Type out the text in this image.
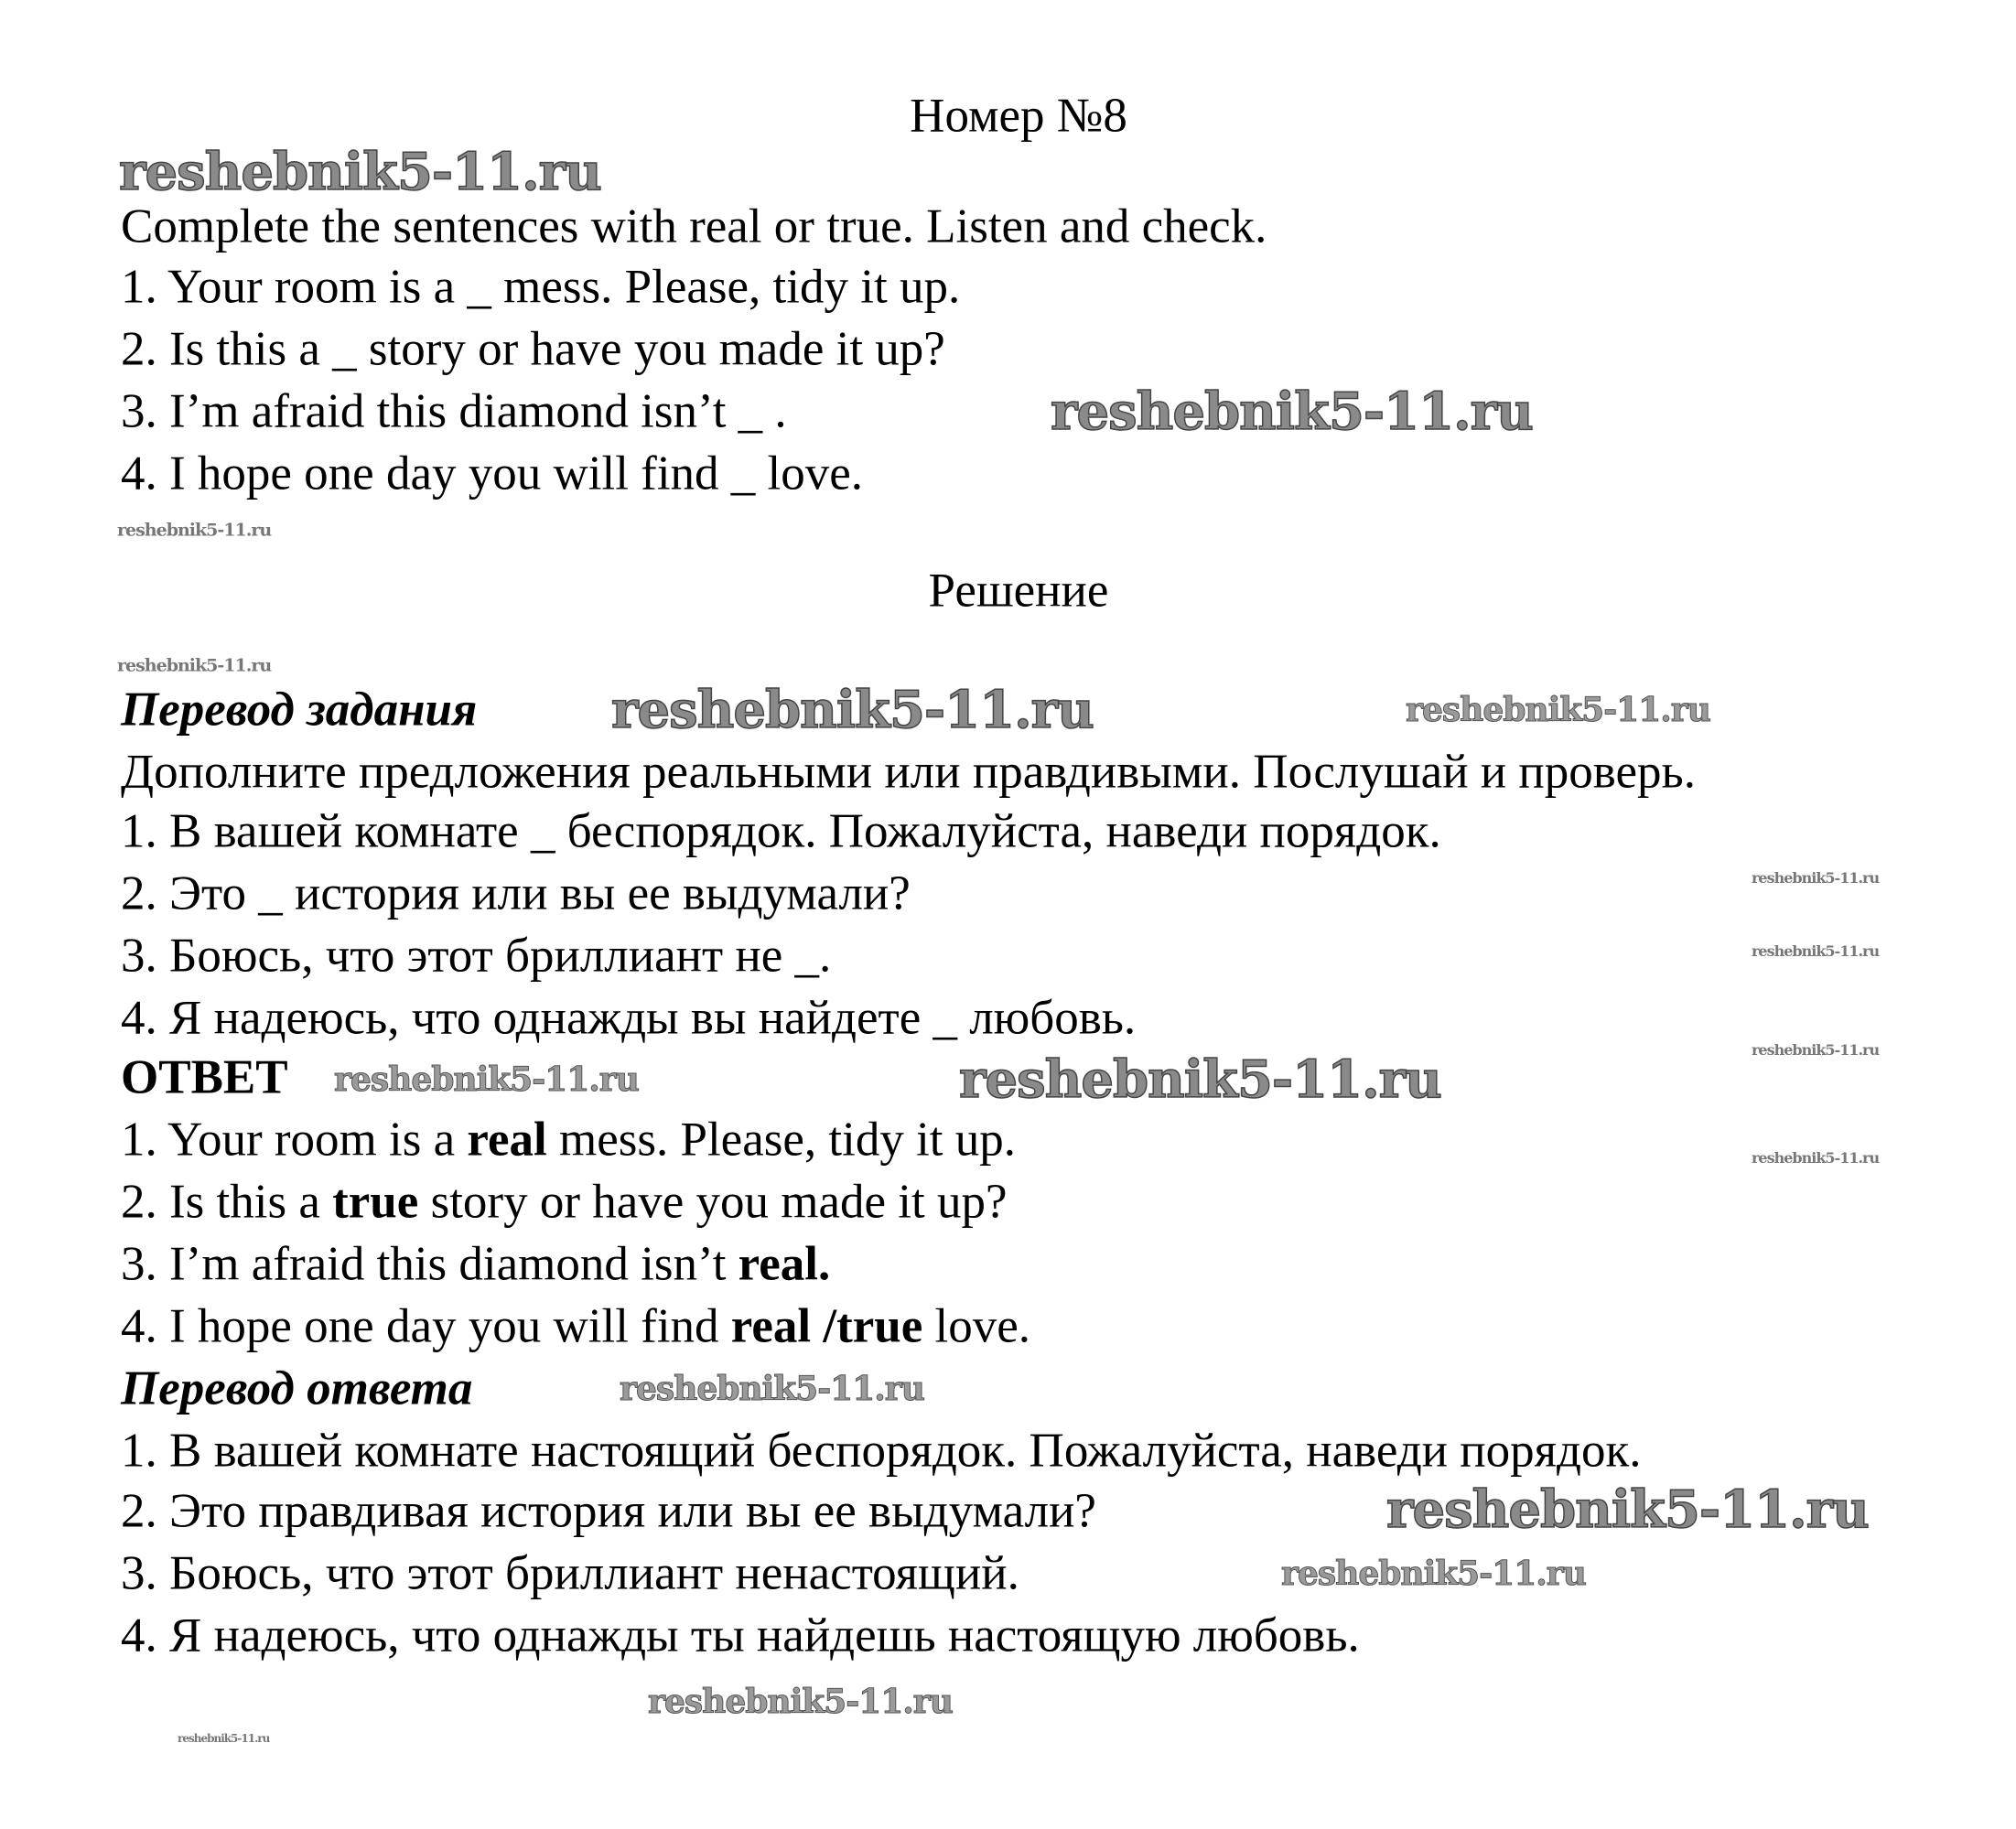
Номер №8
Complete the sentences with real or true. Listen and check.
1. Your room is a _ mess. Please, tidy it up.
2. Is this a _ story or have you made it up?
3. I’m afraid this diamond isn’t _ .
4. I hope one day you will find _ love.
Решение
Перевод задания
Дополните предложения реальными или правдивыми. Послушай и проверь.
1. В вашей комнате _ беспорядок. Пожалуйста, наведи порядок.
2. Это _ история или вы ее выдумали?
3. Боюсь, что этот бриллиант не _.
4. Я надеюсь, что однажды вы найдете _ любовь.
ОТВЕТ
1. Your room is a real mess. Please, tidy it up.
2. Is this a true story or have you made it up?
3. I’m afraid this diamond isn’t real.
4. I hope one day you will find real /true love.
Перевод ответа
1. В вашей комнате настоящий беспорядок. Пожалуйста, наведи порядок.
2. Это правдивая история или вы ее выдумали?
3. Боюсь, что этот бриллиант ненастоящий.
4. Я надеюсь, что однажды ты найдешь настоящую любовь.
reshebnik5-11.ru
reshebnik5-11.ru
reshebnik5-11.ru
reshebnik5-11.ru
reshebnik5-11.ru
reshebnik5-11.ru
reshebnik5-11.ru
reshebnik5-11.ru
reshebnik5-11.ru
reshebnik5-11.ru
reshebnik5-11.ru
reshebnik5-11.ru
reshebnik5-11.ru
reshebnik5-11.ru
reshebnik5-11.ru
reshebnik5-11.ru
reshebnik5-11.ru
